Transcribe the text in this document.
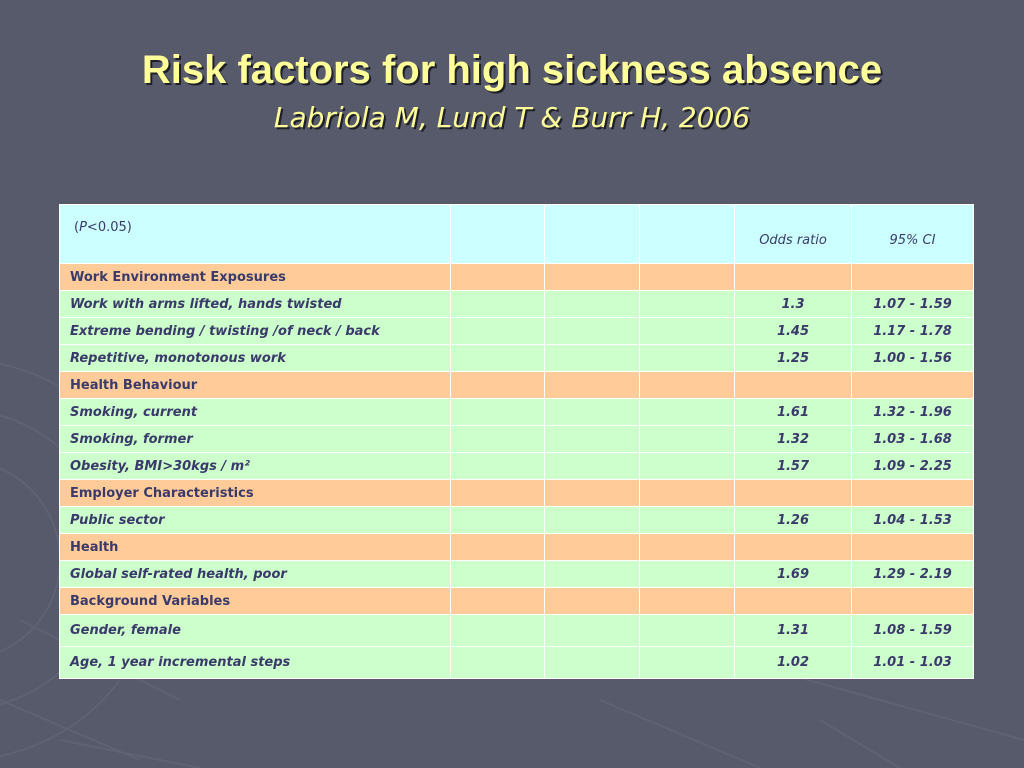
Risk factors for high sickness absence
Labriola M, Lund T & Burr H, 2006
(P<0.05)				Odds ratio	95% CI
Work Environment Exposures					
Work with arms lifted, hands twisted				1.3	1.07 - 1.59
Extreme bending / twisting /of neck / back				1.45	1.17 - 1.78
Repetitive, monotonous work				1.25	1.00 - 1.56
Health Behaviour					
Smoking, current				1.61	1.32 - 1.96
Smoking, former				1.32	1.03 - 1.68
Obesity, BMI>30kgs / m²				1.57	1.09 - 2.25
Employer Characteristics					
Public sector				1.26	1.04 - 1.53
Health					
Global self-rated health, poor				1.69	1.29 - 2.19
Background Variables					
Gender, female				1.31	1.08 - 1.59
Age, 1 year incremental steps				1.02	1.01 - 1.03
